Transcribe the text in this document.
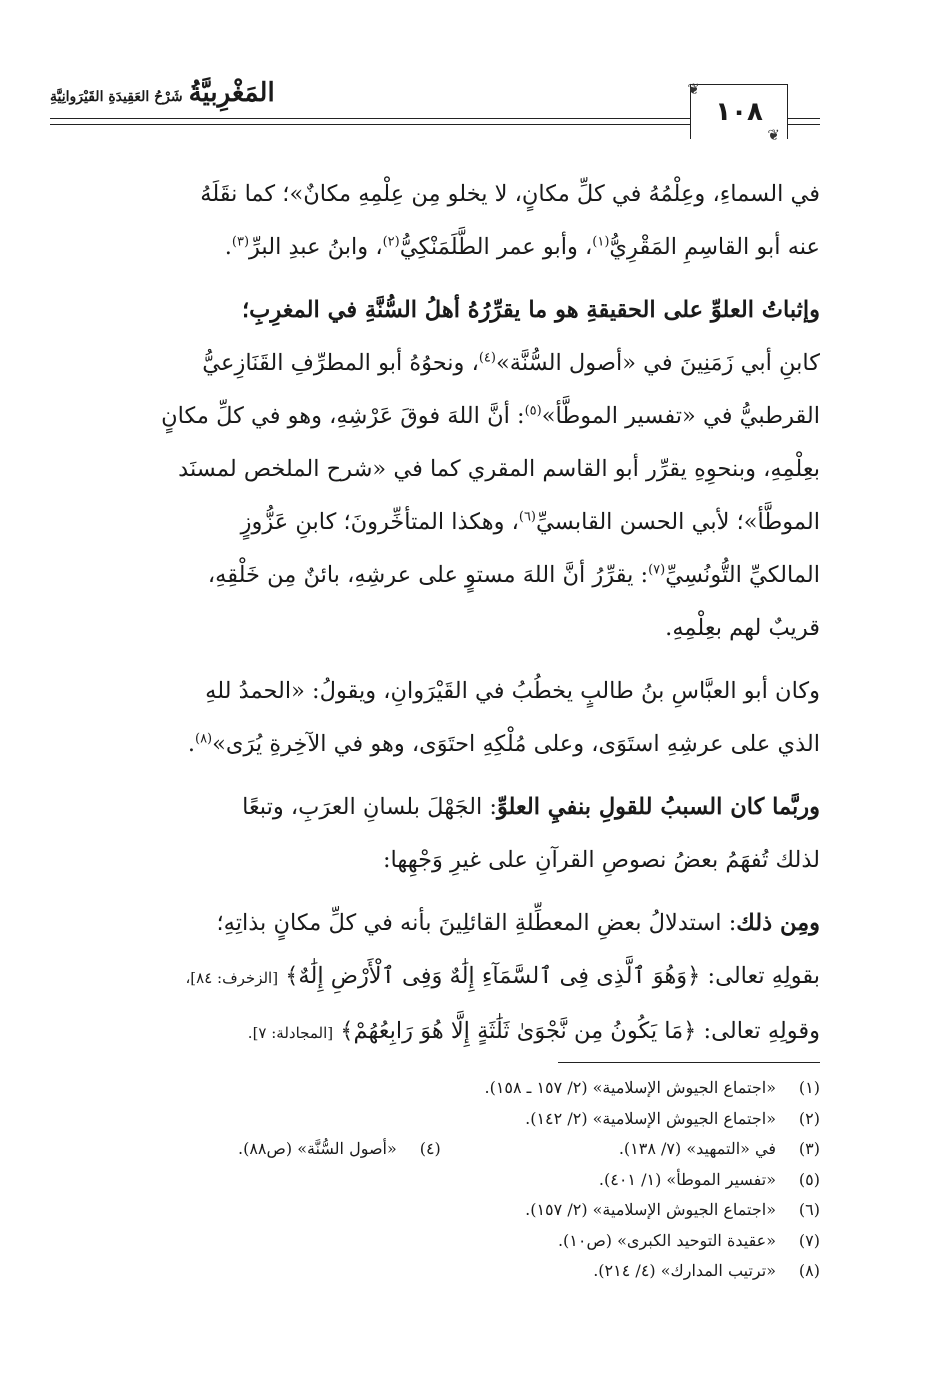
١٠٨
❦
❦
المَغْرِبيَّةُ
شَرْحُ العَقِيدَةِ القَيْرَوانِيَّةِ

في السماءِ، وعِلْمُهُ في كلِّ مكانٍ، لا يخلو مِن عِلْمِهِ مكانٌ»؛ كما نقَلَهُ
عنه أبو القاسِمِ المَقْرِيُّ$^{(١)}$، وأبو عمر الطَّلَمَنْكِيُّ$^{(٢)}$، وابنُ عبدِ البرِّ$^{(٣)}$.

وإثباتُ العلوِّ على الحقيقةِ هو ما يقرِّرُهُ أهلُ السُّنَّةِ في المغرِبِ؛
كابنِ أبي زَمَنِينَ في «أصول السُّنَّة»$^{(٤)}$، ونحوُهُ أبو المطرِّفِ القَنَازِعيُّ
القرطبيُّ في «تفسير الموطَّأ»$^{(٥)}$: أنَّ اللهَ فوقَ عَرْشِهِ، وهو في كلِّ مكانٍ
بعِلْمِهِ، وبنحوِهِ يقرِّر أبو القاسم المقري كما في «شرح الملخص لمسنَد
الموطَّأ»؛ لأبي الحسن القابسيِّ$^{(٦)}$، وهكذا المتأخِّرونَ؛ كابنِ عَزُّوزٍ
المالكيِّ التُّونُسِيِّ$^{(٧)}$: يقرِّرُ أنَّ اللهَ مستوٍ على عرشِهِ، بائنٌ مِن خَلْقِهِ،
قريبٌ لهم بعِلْمِهِ.

وكان أبو العبَّاسِ بنُ طالبٍ يخطُبُ في القَيْرَوانِ، ويقولُ: «الحمدُ للهِ
الذي على عرشِهِ استَوَى، وعلى مُلْكِهِ احتَوَى، وهو في الآخِرةِ يُرَى»$^{(٨)}$.

وربَّما كان السببُ للقولِ بنفيِ العلوِّ: الجَهْلَ بلسانِ العرَبِ، وتبعًا
لذلك تُفهَمُ بعضُ نصوصِ القرآنِ على غيرِ وَجْهِها:

ومِن ذلك: استدلالُ بعضِ المعطِّلةِ القائلِينَ بأنه في كلِّ مكانٍ بذاتِهِ؛
بقولِهِ تعالى: ﴿وَهُوَ ٱلَّذِى فِى ٱلسَّمَآءِ إِلَٰهٌ وَفِى ٱلْأَرْضِ إِلَٰهٌ﴾ [الزخرف: ٨٤]،
وقولِهِ تعالى: ﴿مَا يَكُونُ مِن نَّجْوَىٰ ثَلَٰثَةٍ إِلَّا هُوَ رَابِعُهُمْ﴾ [المجادلة: ٧].

(١)
«اجتماع الجيوش الإسلامية» (٢/ ١٥٧ ـ ١٥٨).
(٢)
«اجتماع الجيوش الإسلامية» (٢/ ١٤٢).
(٣)
في «التمهيد» (٧/ ١٣٨).
(٤)
«أصول السُّنَّة» (ص٨٨).
(٥)
«تفسير الموطأ» (١/ ٤٠١).
(٦)
«اجتماع الجيوش الإسلامية» (٢/ ١٥٧).
(٧)
«عقيدة التوحيد الكبرى» (ص١٠).
(٨)
«ترتيب المدارك» (٤/ ٢١٤).
